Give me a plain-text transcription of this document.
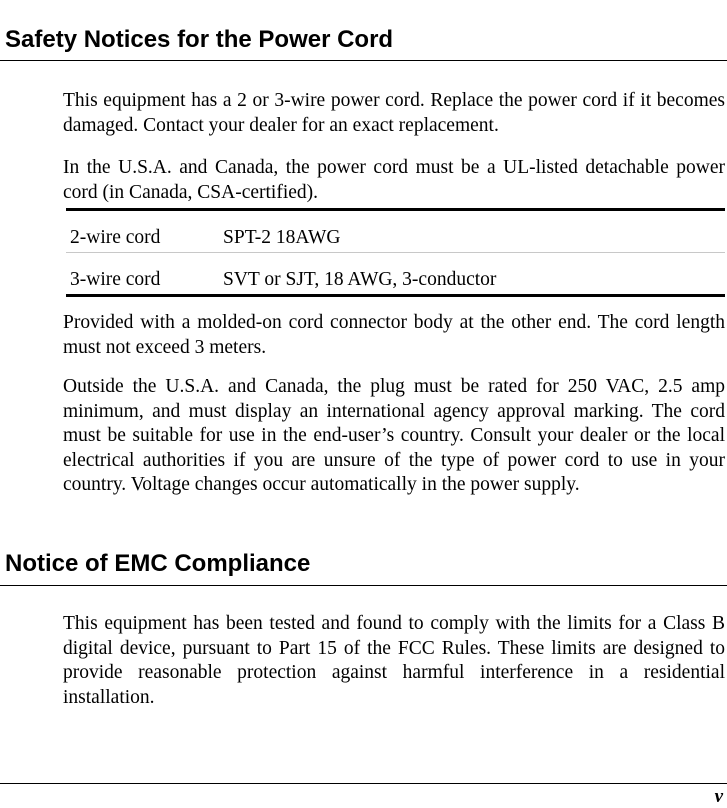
Safety Notices for the Power Cord

This equipment has a 2 or 3-wire power cord. Replace the power cord if it becomes damaged. Contact your dealer for an exact replacement.

In the U.S.A. and Canada, the power cord must be a UL-listed detachable power cord (in Canada, CSA-certified).

2-wire cord	SPT-2 18AWG
3-wire cord	SVT or SJT, 18 AWG, 3-conductor

Provided with a molded-on cord connector body at the other end. The cord length must not exceed 3 meters.

Outside the U.S.A. and Canada, the plug must be rated for 250 VAC, 2.5 amp minimum, and must display an international agency approval marking. The cord must be suitable for use in the end-user’s country. Consult your dealer or the local electrical authorities if you are unsure of the type of power cord to use in your country. Voltage changes occur automatically in the power supply.

Notice of EMC Compliance

This equipment has been tested and found to comply with the limits for a Class B digital device, pursuant to Part 15 of the FCC Rules. These limits are designed to provide reasonable protection against harmful interference in a residential installation.

v
